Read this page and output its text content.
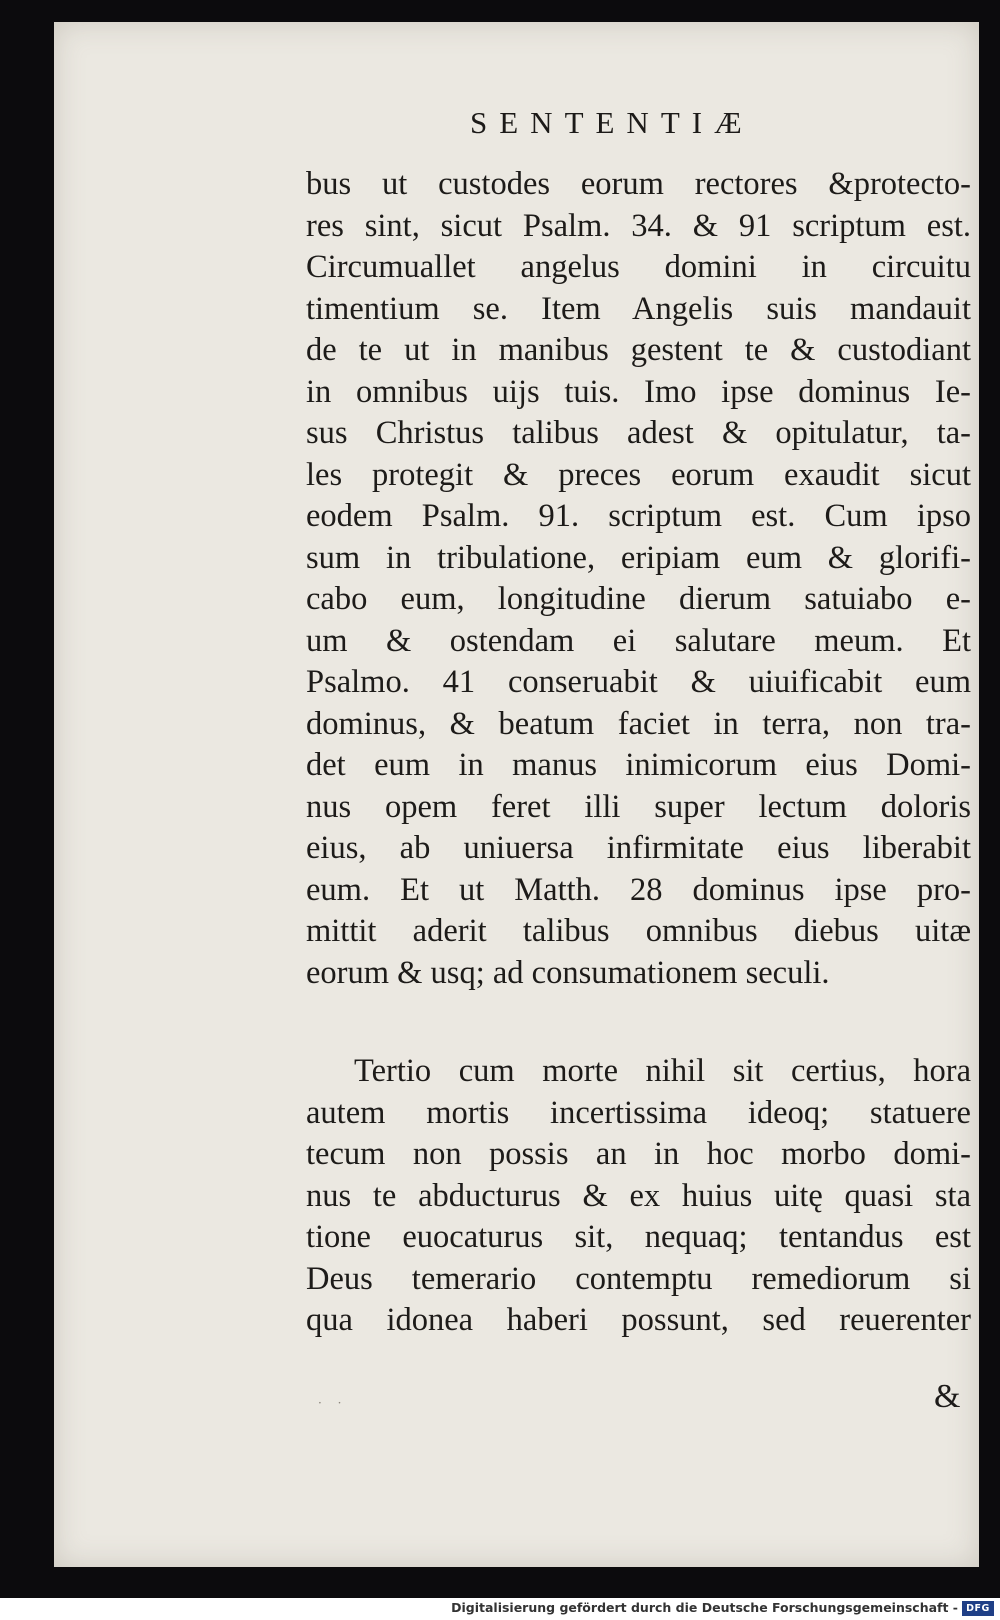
SENTENTIÆ
bus ut custodes eorum rectores &protecto-
res sint, sicut Psalm. 34. & 91 scriptum est.
Circumuallet angelus domini in circuitu
timentium se. Item Angelis suis mandauit
de te ut in manibus gestent te & custodiant
in omnibus uijs tuis. Imo ipse dominus Ie-
sus Christus talibus adest & opitulatur, ta-
les protegit & preces eorum exaudit sicut
eodem Psalm. 91. scriptum est. Cum ipso
sum in tribulatione, eripiam eum & glorifi-
cabo eum, longitudine dierum satuiabo e-
um & ostendam ei salutare meum. Et
Psalmo. 41 conseruabit & uiuificabit eum
dominus, & beatum faciet in terra, non tra-
det eum in manus inimicorum eius Domi-
nus opem feret illi super lectum doloris
eius, ab uniuersa infirmitate eius liberabit
eum. Et ut Matth. 28 dominus ipse pro-
mittit aderit talibus omnibus diebus uitæ
eorum & usq; ad consumationem seculi.
Tertio cum morte nihil sit certius, hora
autem mortis incertissima ideoq; statuere
tecum non possis an in hoc morbo domi-
nus te abducturus & ex huius uitę quasi sta
tione euocaturus sit, nequaq; tentandus est
Deus temerario contemptu remediorum si
qua idonea haberi possunt, sed reuerenter
· ·	&
Digitalisierung gefördert durch die Deutsche Forschungsgemeinschaft - DFG
